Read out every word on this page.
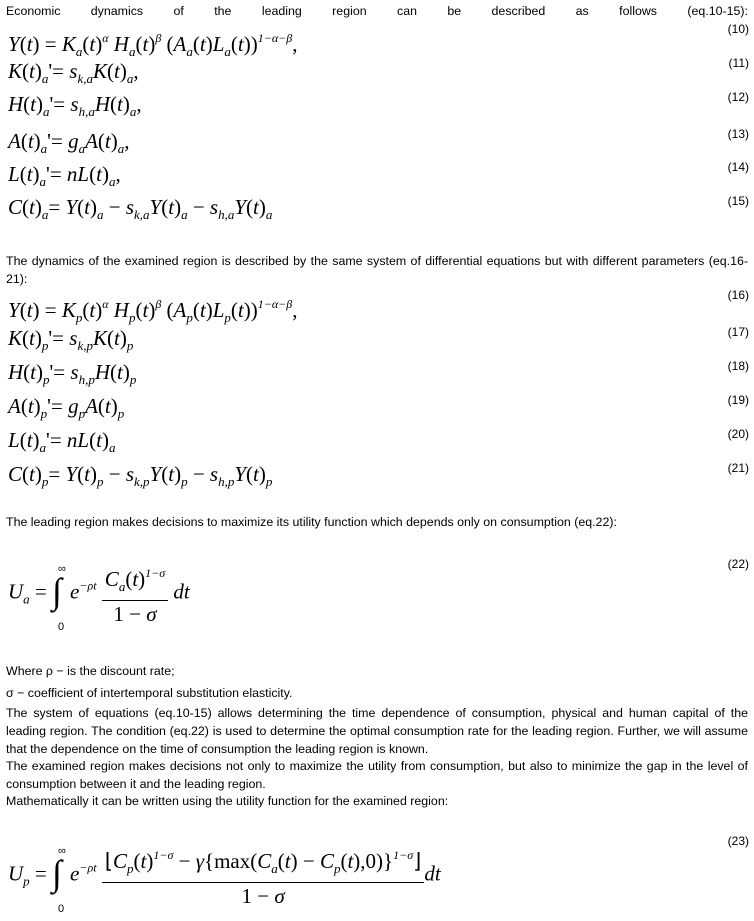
Economic dynamics of the leading region can be described as follows (eq.10-15):
$Y(t) = K_a(t)^\alpha$ $H_a(t)^\beta$ $(A_a(t)L_a(t))^{1-\alpha-\beta}$,
(10)
$K(t)_a'= s_{k,a}K(t)_a$,	(11)
$H(t)_a'= s_{h,a}H(t)_a$,	(12)
$A(t)_a'= g_aA(t)_a$,	(13)
$L(t)_a'= nL(t)_a$,	(14)
$C(t)_a= Y(t)_a - s_{k,a}Y(t)_a - s_{h,a}Y(t)_a$
(15)
The dynamics of the examined region is described by the same system of differential equations but with different parameters (eq.16-21):
$Y(t) = K_p(t)^\alpha$ $H_p(t)^\beta$ $(A_p(t)L_p(t))^{1-\alpha-\beta}$,
(16)
$K(t)_p'= s_{k,p}K(t)_p$
(17)
$H(t)_p'= s_{h,p}H(t)_p$
(18)
$A(t)_p'= g_pA(t)_p$
(19)
$L(t)_a'= nL(t)_a$
(20)
$C(t)_p= Y(t)_p - s_{k,p}Y(t)_p - s_{h,p}Y(t)_p$
(21)
The leading region makes decisions to maximize its utility function which depends only on consumption (eq.22):
$U_a$ = ∫
∞
0
$e^{-\rho t} \frac{C_a(t)^{1-\sigma}}{1 - \sigma}$ dt
(22)
Where ρ − is the discount rate;
σ − coefficient of intertemporal substitution elasticity.
The system of equations (eq.10-15) allows determining the time dependence of consumption, physical and human capital of the leading region. The condition (eq.22) is used to determine the optimal consumption rate for the leading region. Further, we will assume that the dependence on the time of consumption the leading region is known.
The examined region makes decisions not only to maximize the utility from consumption, but also to minimize the gap in the level of consumption between it and the leading region.
Mathematically it can be written using the utility function for the examined region:
$U_p$ = ∫
∞
0
$e^{-\rho t} \frac{⌊C_p(t)^{1-\sigma} - \gamma\{\max(C_a(t) - C_p(t),0)\}^{1-\sigma}⌋}{1 - \sigma}$ dt
(23)
